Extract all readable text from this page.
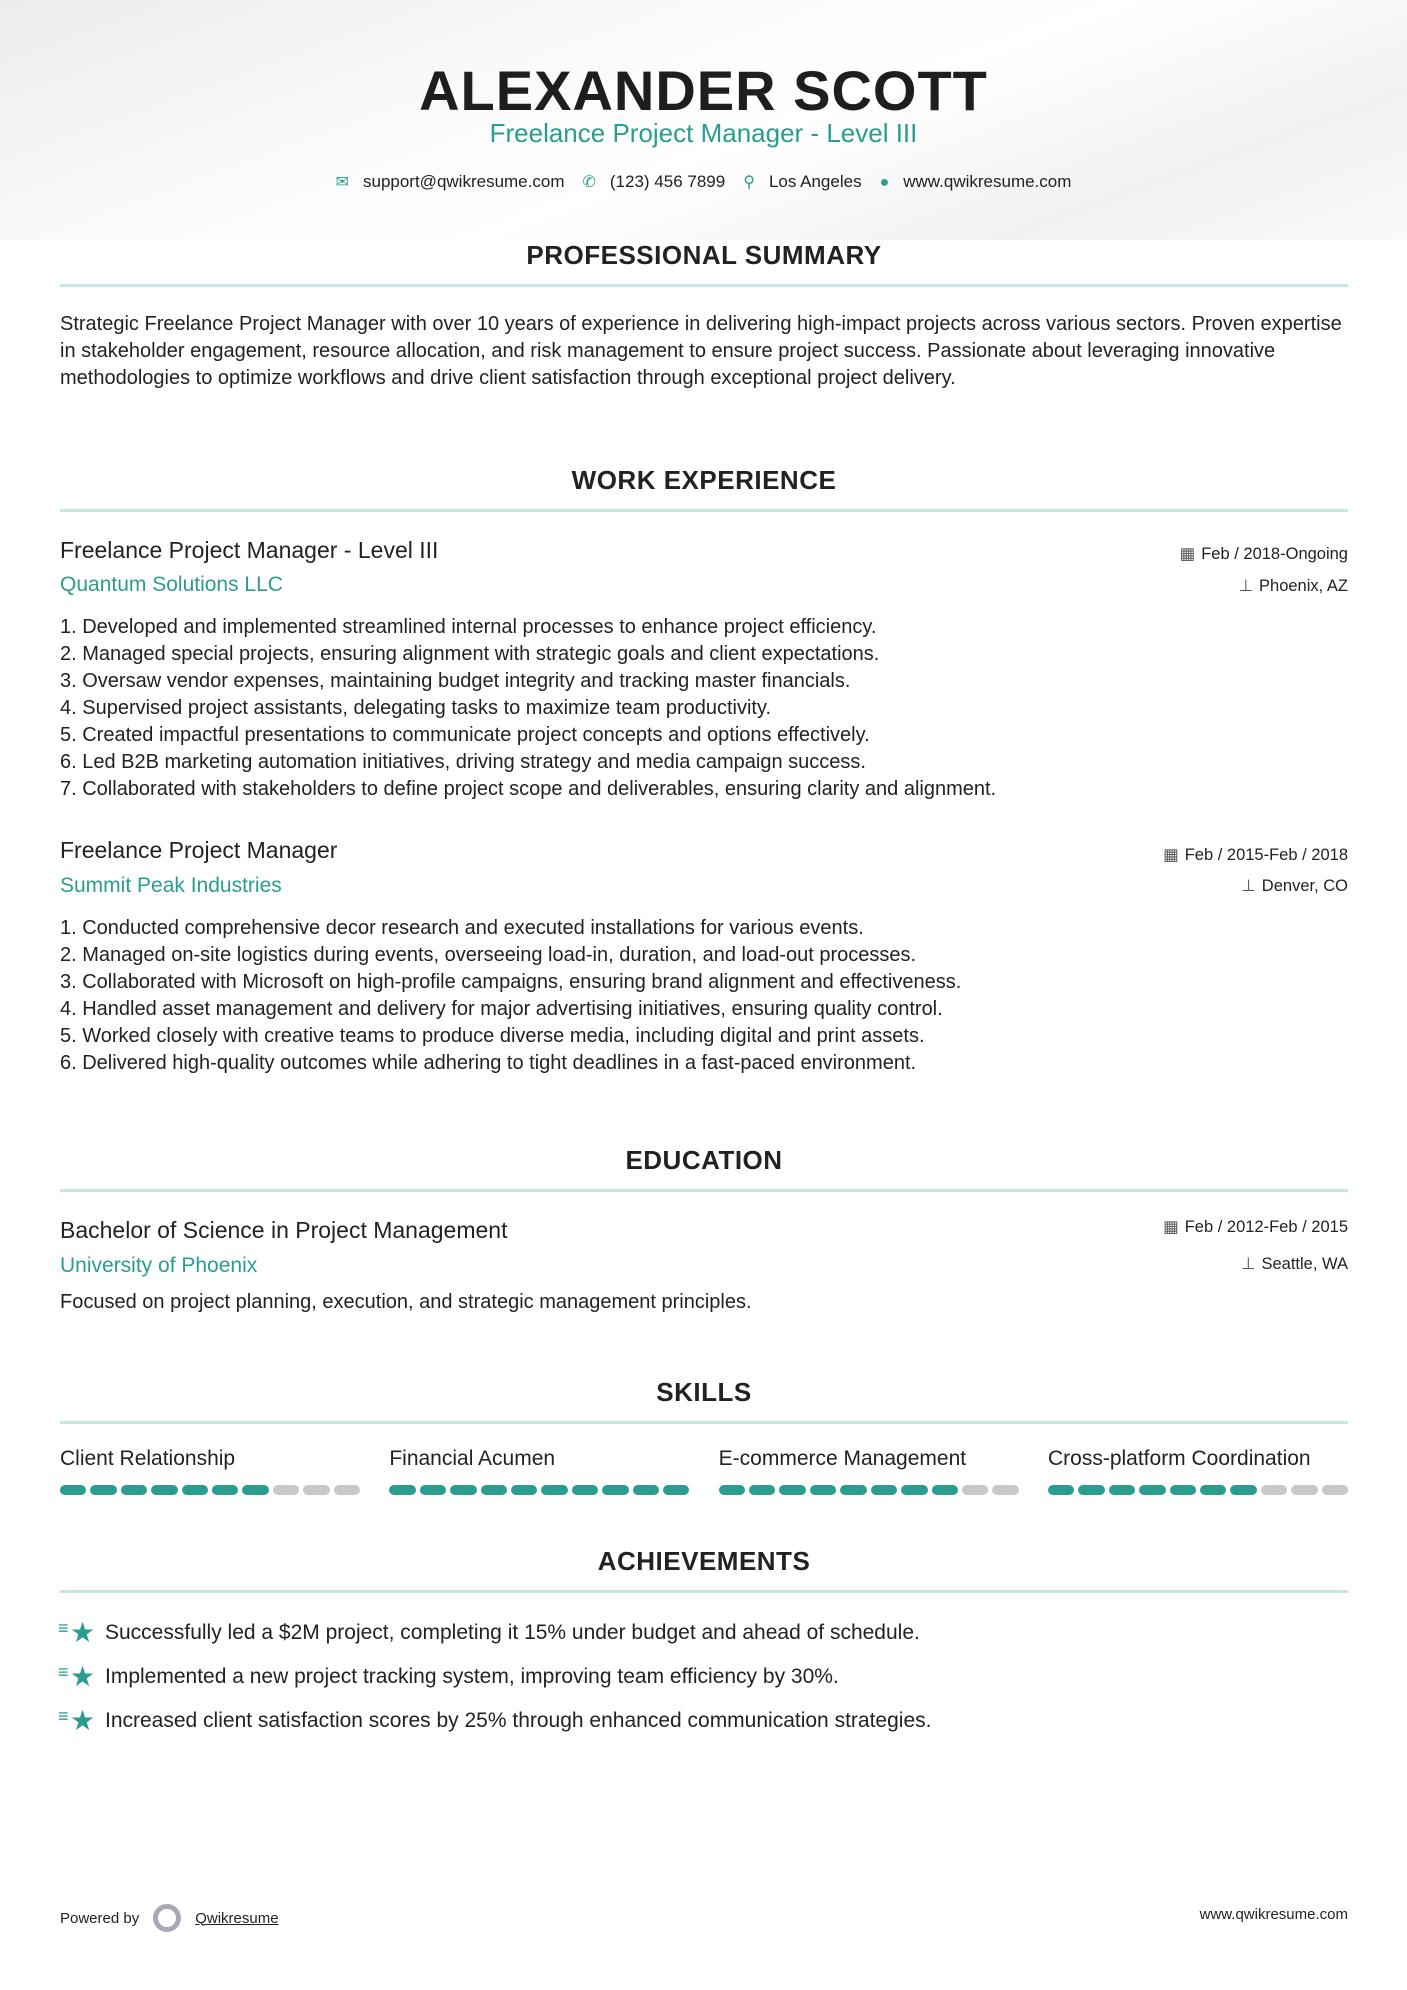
ALEXANDER SCOTT
Freelance Project Manager - Level III
✉ support@qwikresume.com ✆ (123) 456 7899 ⚲ Los Angeles ● www.qwikresume.com
PROFESSIONAL SUMMARY
Strategic Freelance Project Manager with over 10 years of experience in delivering high-impact projects across various sectors. Proven expertise in stakeholder engagement, resource allocation, and risk management to ensure project success. Passionate about leveraging innovative methodologies to optimize workflows and drive client satisfaction through exceptional project delivery.
WORK EXPERIENCE
Freelance Project Manager - Level III
Quantum Solutions LLC
▦ Feb / 2018-Ongoing
⊥ Phoenix, AZ
1. Developed and implemented streamlined internal processes to enhance project efficiency.
2. Managed special projects, ensuring alignment with strategic goals and client expectations.
3. Oversaw vendor expenses, maintaining budget integrity and tracking master financials.
4. Supervised project assistants, delegating tasks to maximize team productivity.
5. Created impactful presentations to communicate project concepts and options effectively.
6. Led B2B marketing automation initiatives, driving strategy and media campaign success.
7. Collaborated with stakeholders to define project scope and deliverables, ensuring clarity and alignment.
Freelance Project Manager
Summit Peak Industries
▦ Feb / 2015-Feb / 2018
⊥ Denver, CO
1. Conducted comprehensive decor research and executed installations for various events.
2. Managed on-site logistics during events, overseeing load-in, duration, and load-out processes.
3. Collaborated with Microsoft on high-profile campaigns, ensuring brand alignment and effectiveness.
4. Handled asset management and delivery for major advertising initiatives, ensuring quality control.
5. Worked closely with creative teams to produce diverse media, including digital and print assets.
6. Delivered high-quality outcomes while adhering to tight deadlines in a fast-paced environment.
EDUCATION
Bachelor of Science in Project Management
University of Phoenix
▦ Feb / 2012-Feb / 2015
⊥ Seattle, WA
Focused on project planning, execution, and strategic management principles.
SKILLS
Client Relationship	Financial Acumen	E-commerce Management	Cross-platform Coordination
ACHIEVEMENTS
≡ ★ Successfully led a $2M project, completing it 15% under budget and ahead of schedule.
≡ ★ Implemented a new project tracking system, improving team efficiency by 30%.
≡ ★ Increased client satisfaction scores by 25% through enhanced communication strategies.
Powered by	Qwikresume	www.qwikresume.com
